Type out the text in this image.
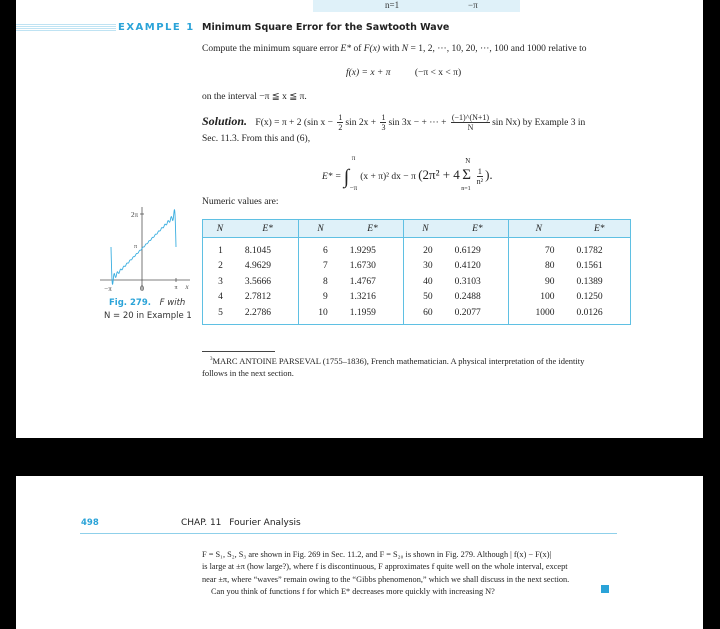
n=1	−π
EXAMPLE 1 Minimum Square Error for the Sawtooth Wave
Compute the minimum square error E* of F(x) with N = 1, 2, ···, 10, 20, ···, 100 and 1000 relative to
f(x) = x + π	(−π < x < π)
on the interval −π ≦ x ≦ π.
Solution. F(x) = π + 2 (sin $x - \frac{1}{2}$ $\sin 2x + \frac{1}{3}$ sin 3x − + ··· + $\frac{(-1)\^{}(N+1)}{N}$ sin Nx) by Example 3 in
Sec. 11.3. From this and (6),
E* = ∫
π
−π
(x + π)² dx − π (2π² + 4 Σ
N
n=1
$\frac{1}{\text{n²}}$ ).
Numeric values are:
N	E*	N	E*	N	E*	N	E*
1	8.1045	6	1.9295	20	0.6129	70	0.1782
2	4.9629	7	1.6730	30	0.4120	80	0.1561
3	3.5666	8	1.4767	40	0.3103	90	0.1389
4	2.7812	9	1.3216	50	0.2488	100	0.1250
5	2.2786	10	1.1959	60	0.2077	1000	0.0126
2π
π
−π	0	π x
Fig. 279. F with
N = 20 in Example 1
$^3$MARC ANTOINE PARSEVAL (1755–1836), French mathematician. A physical interpretation of the identity
follows in the next section.
498	CHAP. 11 Fourier Analysis
F = S₁, S₂, S₃ are shown in Fig. 269 in Sec. 11.2, and F = S₂₀ is shown in Fig. 279. Although | f(x) − F(x)|
is large at ±π (how large?), where f is discontinuous, F approximates f quite well on the whole interval, except
near ±π, where “waves” remain owing to the “Gibbs phenomenon,” which we shall discuss in the next section.
Can you think of functions f for which E* decreases more quickly with increasing N?
